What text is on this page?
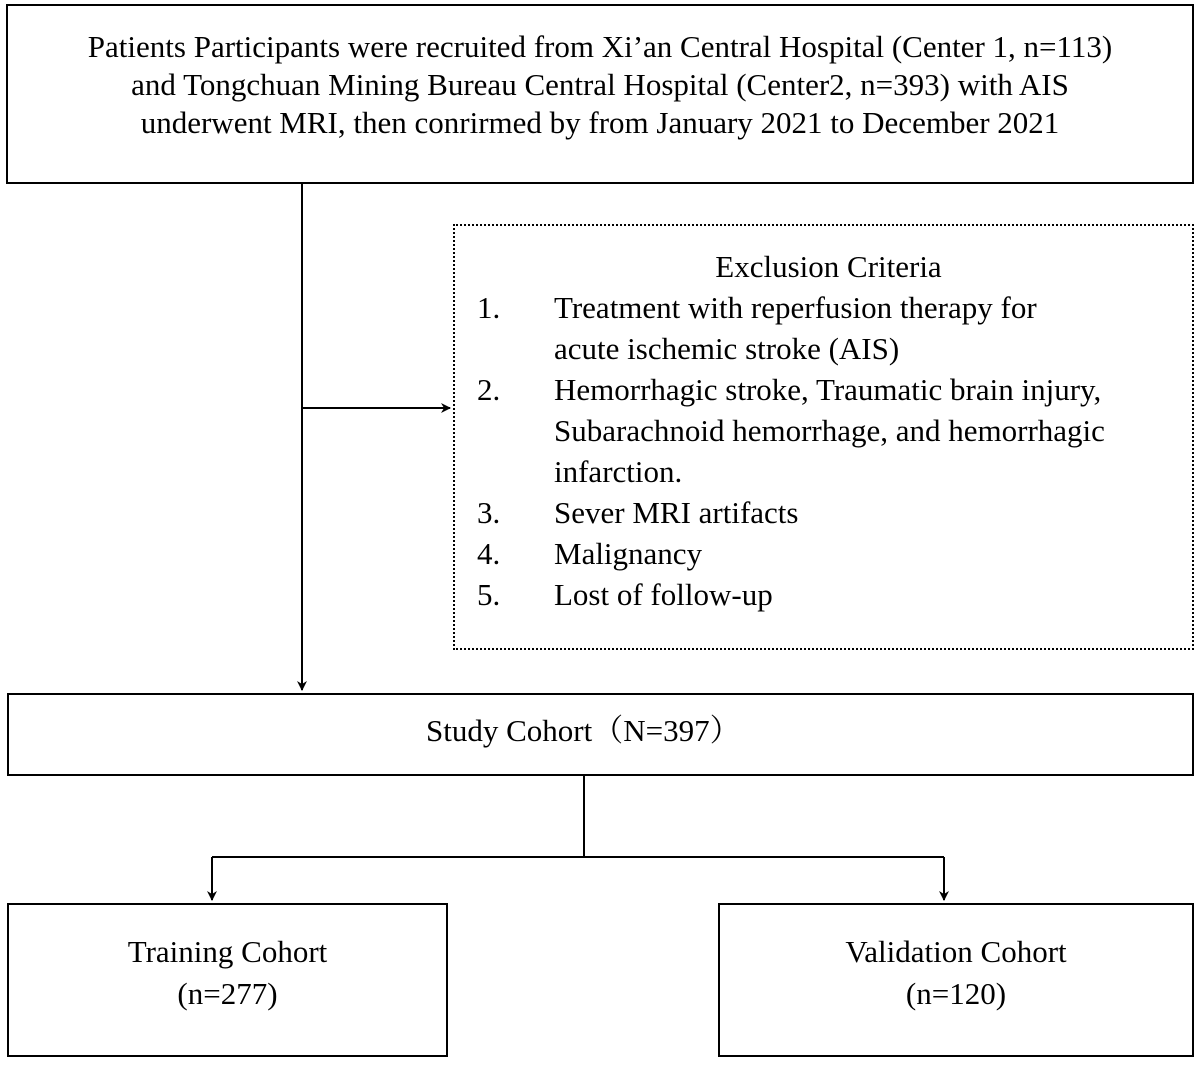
Patients Participants were recruited from Xi’an Central Hospital (Center 1, n=113)
and Tongchuan Mining Bureau Central Hospital (Center2, n=393) with AIS
underwent MRI, then conrirmed by from January 2021 to December 2021
Exclusion Criteria
1.	Treatment with reperfusion therapy for
acute ischemic stroke (AIS)
2.	Hemorrhagic stroke, Traumatic brain injury,
Subarachnoid hemorrhage, and hemorrhagic
infarction.
3.	Sever MRI artifacts
4.	Malignancy
5.	Lost of follow-up
Study Cohort（N=397）
Training Cohort
(n=277)
Validation Cohort
(n=120)
